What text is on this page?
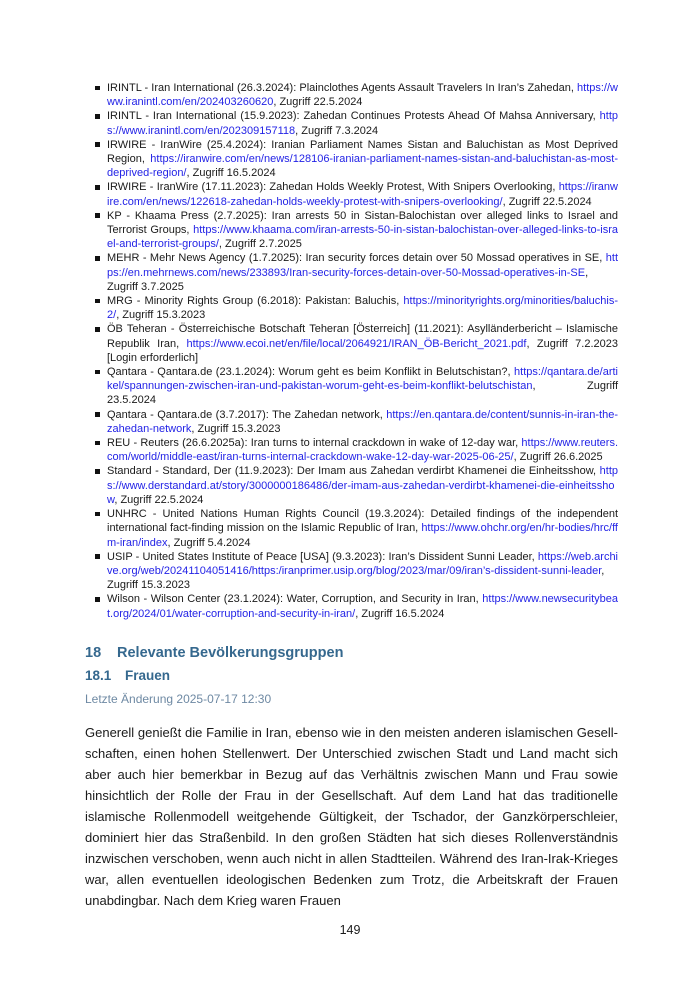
IRINTL - Iran International (26.3.2024): Plainclothes Agents Assault Travelers In Iran’s Zahedan, https://www.iranintl.com/en/202403260620, Zugriff 22.5.2024
IRINTL - Iran International (15.9.2023): Zahedan Continues Protests Ahead Of Mahsa Anniversary, https://www.iranintl.com/en/202309157118, Zugriff 7.3.2024
IRWIRE - IranWire (25.4.2024): Iranian Parliament Names Sistan and Baluchistan as Most Deprived Region, https://iranwire.com/en/news/128106-iranian-parliament-names-sistan-and-baluchistan-as-most-deprived-region/, Zugriff 16.5.2024
IRWIRE - IranWire (17.11.2023): Zahedan Holds Weekly Protest, With Snipers Overlooking, https://iranwire.com/en/news/122618-zahedan-holds-weekly-protest-with-snipers-overlooking/, Zugriff 22.5.2024
KP - Khaama Press (2.7.2025): Iran arrests 50 in Sistan-Balochistan over alleged links to Israel and Terrorist Groups, https://www.khaama.com/iran-arrests-50-in-sistan-balochistan-over-alleged-links-to-israel-and-terrorist-groups/, Zugriff 2.7.2025
MEHR - Mehr News Agency (1.7.2025): Iran security forces detain over 50 Mossad operatives in SE, https://en.mehrnews.com/news/233893/Iran-security-forces-detain-over-50-Mossad-operatives-in-SE, Zugriff 3.7.2025
MRG - Minority Rights Group (6.2018): Pakistan: Baluchis, https://minorityrights.org/minorities/baluchis-2/, Zugriff 15.3.2023
ÖB Teheran - Österreichische Botschaft Teheran [Österreich] (11.2021): Asylländerbericht – Islamische Republik Iran, https://www.ecoi.net/en/file/local/2064921/IRAN_ÖB-Bericht_2021.pdf, Zugriff 7.2.2023 [Login erforderlich]
Qantara - Qantara.de (23.1.2024): Worum geht es beim Konflikt in Belutschistan?, https://qantara.de/artikel/spannungen-zwischen-iran-und-pakistan-worum-geht-es-beim-konflikt-belutschistan, Zugriff 23.5.2024
Qantara - Qantara.de (3.7.2017): The Zahedan network, https://en.qantara.de/content/sunnis-in-iran-the-zahedan-network, Zugriff 15.3.2023
REU - Reuters (26.6.2025a): Iran turns to internal crackdown in wake of 12-day war, https://www.reuters.com/world/middle-east/iran-turns-internal-crackdown-wake-12-day-war-2025-06-25/, Zugriff 26.6.2025
Standard - Standard, Der (11.9.2023): Der Imam aus Zahedan verdirbt Khamenei die Einheitsshow, https://www.derstandard.at/story/3000000186486/der-imam-aus-zahedan-verdirbt-khamenei-die-einheitsshow, Zugriff 22.5.2024
UNHRC - United Nations Human Rights Council (19.3.2024): Detailed findings of the independent international fact-finding mission on the Islamic Republic of Iran, https://www.ohchr.org/en/hr-bodies/hrc/ffm-iran/index, Zugriff 5.4.2024
USIP - United States Institute of Peace [USA] (9.3.2023): Iran’s Dissident Sunni Leader, https://web.archive.org/web/20241104051416/https:/iranprimer.usip.org/blog/2023/mar/09/iran’s-dissident-sunni-leader, Zugriff 15.3.2023
Wilson - Wilson Center (23.1.2024): Water, Corruption, and Security in Iran, https://www.newsecuritybeat.org/2024/01/water-corruption-and-security-in-iran/, Zugriff 16.5.2024
18 Relevante Bevölkerungsgruppen
18.1 Frauen
Letzte Änderung 2025-07-17 12:30

Generell genießt die Familie in Iran, ebenso wie in den meisten anderen islamischen Gesellschaften, einen hohen Stellenwert. Der Unterschied zwischen Stadt und Land macht sich aber auch hier bemerkbar in Bezug auf das Verhältnis zwischen Mann und Frau sowie hinsichtlich der Rolle der Frau in der Gesellschaft. Auf dem Land hat das traditionelle islamische Rollenmodell weitgehende Gültigkeit, der Tschador, der Ganzkörperschleier, dominiert hier das Straßenbild. In den großen Städten hat sich dieses Rollenverständnis inzwischen verschoben, wenn auch nicht in allen Stadtteilen. Während des Iran-Irak-Krieges war, allen eventuellen ideologischen Bedenken zum Trotz, die Arbeitskraft der Frauen unabdingbar. Nach dem Krieg waren Frauen

149
